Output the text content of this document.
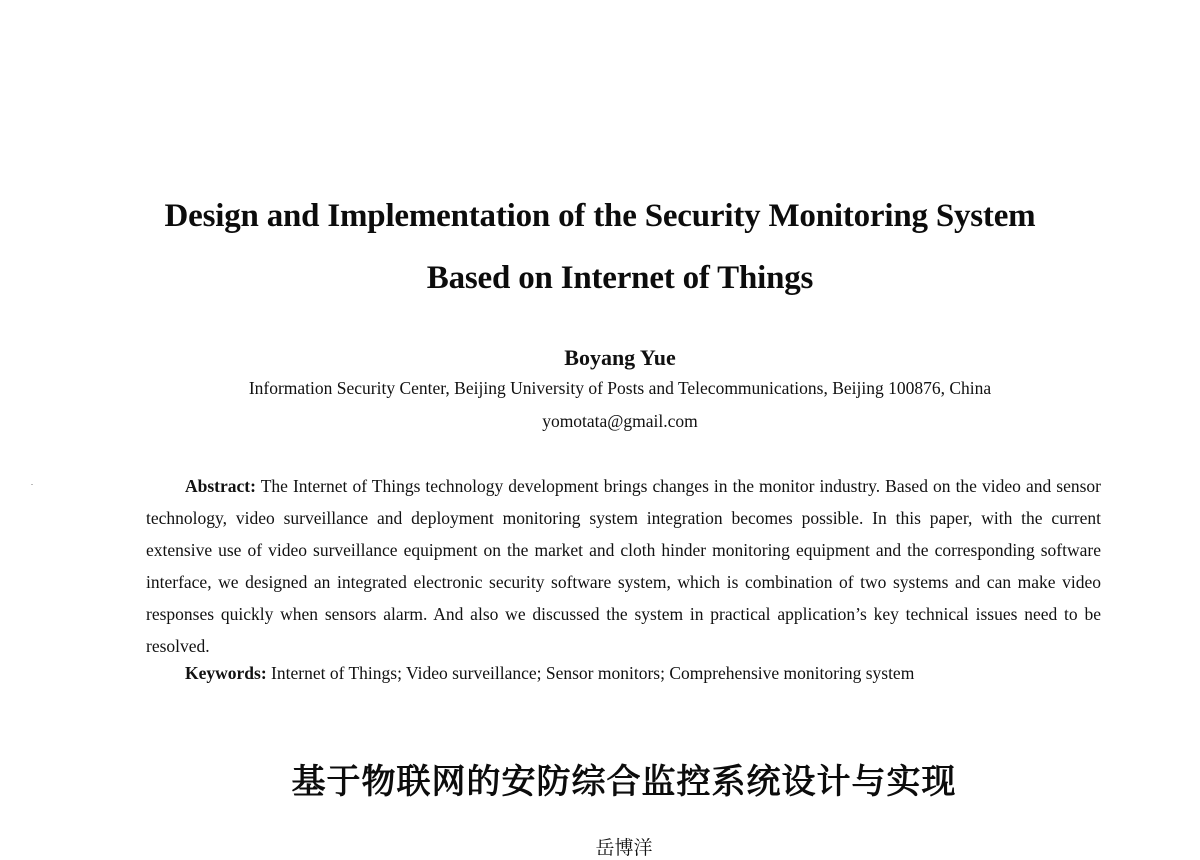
Design and Implementation of the Security Monitoring System
Based on Internet of Things
Boyang Yue
Information Security Center, Beijing University of Posts and Telecommunications, Beijing 100876, China
yomotata@gmail.com

Abstract: The Internet of Things technology development brings changes in the monitor industry. Based on the video and sensor technology, video surveillance and deployment monitoring system integration becomes possible. In this paper, with the current extensive use of video surveillance equipment on the market and cloth hinder monitoring equipment and the corresponding software interface, we designed an integrated electronic security software system, which is combination of two systems and can make video responses quickly when sensors alarm. And also we discussed the system in practical application’s key technical issues need to be resolved.

Keywords: Internet of Things; Video surveillance; Sensor monitors; Comprehensive monitoring system

基于物联网的安防综合监控系统设计与实现
岳博洋
